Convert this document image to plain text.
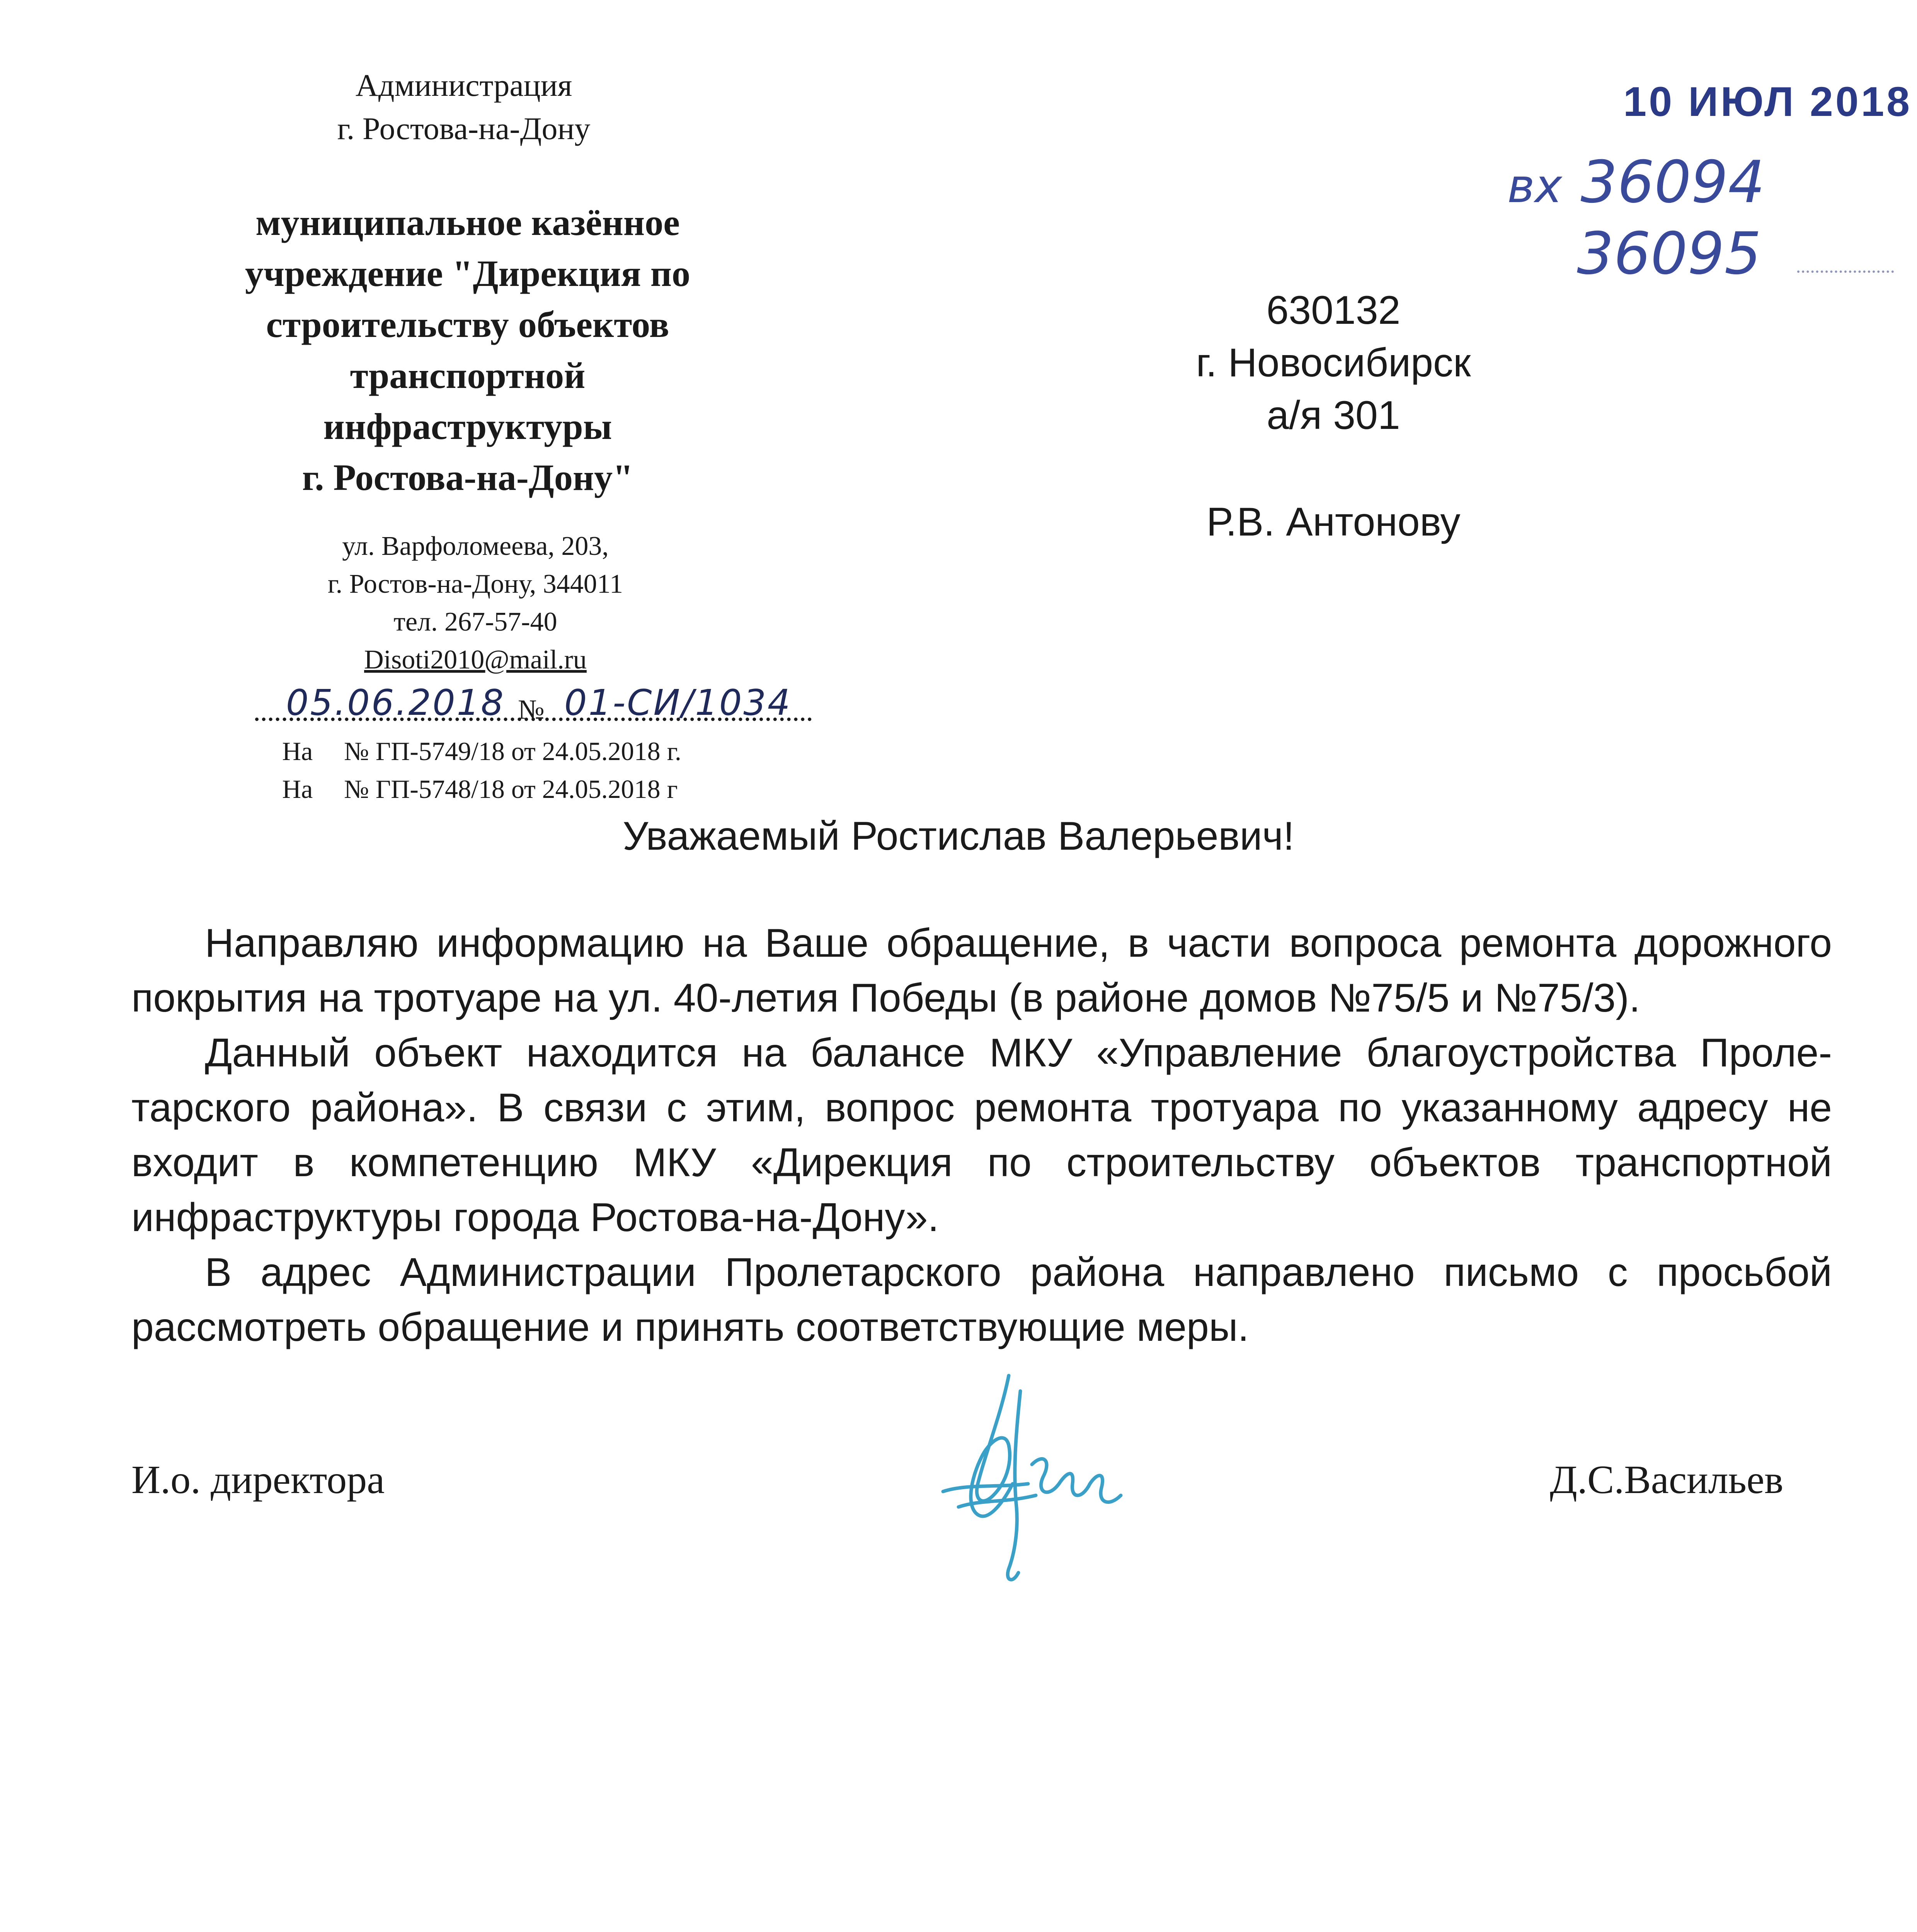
Администрация
г. Ростова-на-Дону
муниципальное казённое
учреждение "Дирекция по
строительству объектов
транспортной
инфраструктуры
г. Ростова-на-Дону"
ул. Варфоломеева, 203,
г. Ростов-на-Дону, 344011
тел. 267-57-40
Disoti2010@mail.ru
05.06.2018 № 01-СИ/1034
На № ГП-5749/18 от 24.05.2018 г.
На № ГП-5748/18 от 24.05.2018 г
10 ИЮЛ 2018
вх 36094
36095
630132
г. Новосибирск
а/я 301
Р.В. Антонову
Уважаемый Ростислав Валерьевич!

Направляю информацию на Ваше обращение, в части вопроса ремонта дорожного покрытия на тротуаре на ул. 40-летия Победы (в районе домов №75/5 и №75/3).

Данный объект находится на балансе МКУ «Управление благоустройства Проле-тарского района». В связи с этим, вопрос ремонта тротуара по указанному адресу не входит в компетенцию МКУ «Дирекция по строительству объектов транспортной инфраструктуры города Ростова-на-Дону».

В адрес Администрации Пролетарского района направлено письмо с просьбой рассмотреть обращение и принять соответствующие меры.

И.о. директора	Д.С.Васильев
